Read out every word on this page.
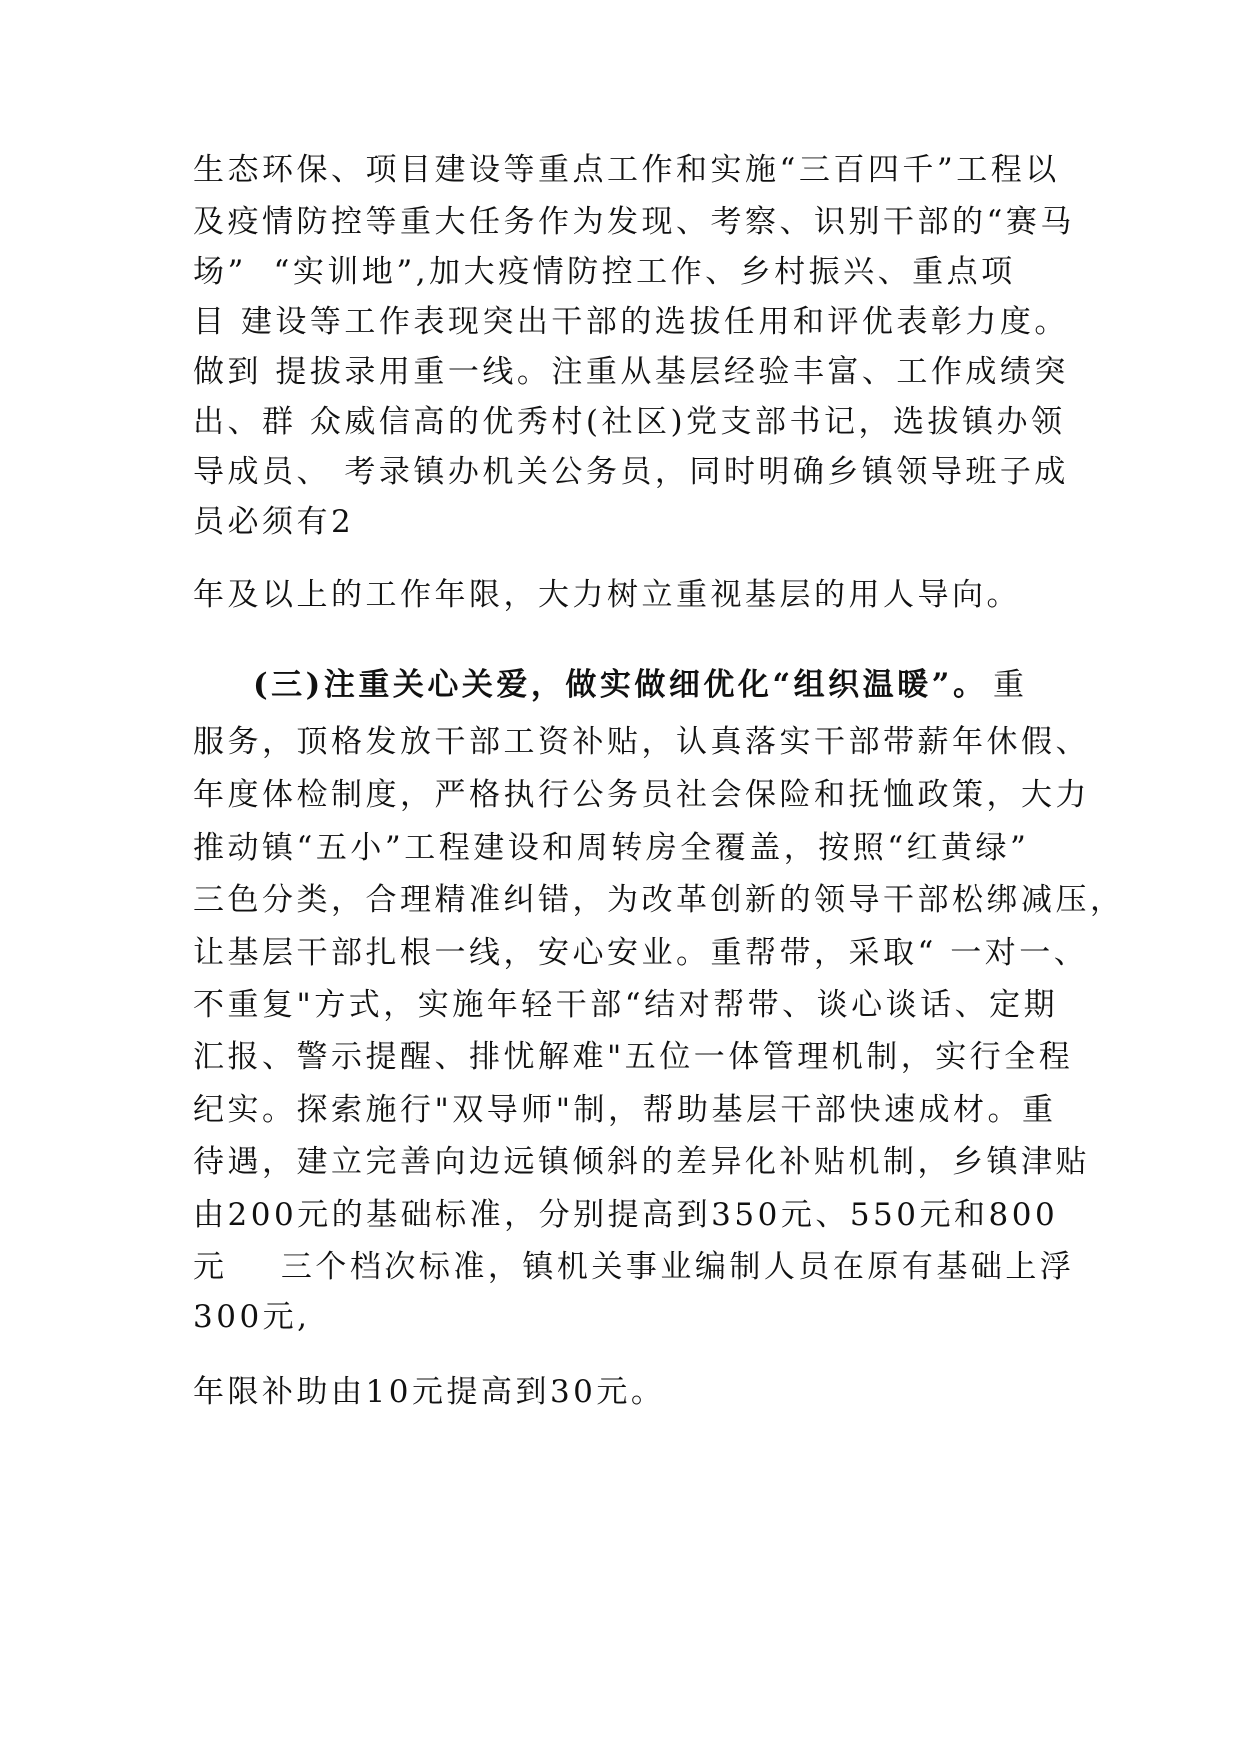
生态环保、项目建设等重点工作和实施“三百四千”工程以
及疫情防控等重大任务作为发现、考察、识别干部的“赛马
场”  “实训地”,加大疫情防控工作、乡村振兴、重点项
目 建设等工作表现突出干部的选拔任用和评优表彰力度。
做到 提拔录用重一线。注重从基层经验丰富、工作成绩突
出、群 众威信高的优秀村(社区)党支部书记，选拔镇办领
导成员、 考录镇办机关公务员，同时明确乡镇领导班子成
员必须有2
年及以上的工作年限，大力树立重视基层的用人导向。
(三)注重关心关爱，做实做细优化“组织温暖”。 重
服务，顶格发放干部工资补贴，认真落实干部带薪年休假、
年度体检制度，严格执行公务员社会保险和抚恤政策，大力
推动镇“五小”工程建设和周转房全覆盖，按照“红黄绿”
三色分类，合理精准纠错，为改革创新的领导干部松绑减压，
让基层干部扎根一线，安心安业。重帮带，采取“ 一对一、
不重复"方式，实施年轻干部“结对帮带、谈心谈话、定期
汇报、警示提醒、排忧解难"五位一体管理机制，实行全程
纪实。探索施行"双导师"制，帮助基层干部快速成材。重
待遇，建立完善向边远镇倾斜的差异化补贴机制，乡镇津贴
由200元的基础标准，分别提高到350元、550元和800
元    三个档次标准，镇机关事业编制人员在原有基础上浮
300元,
年限补助由10元提高到30元。
